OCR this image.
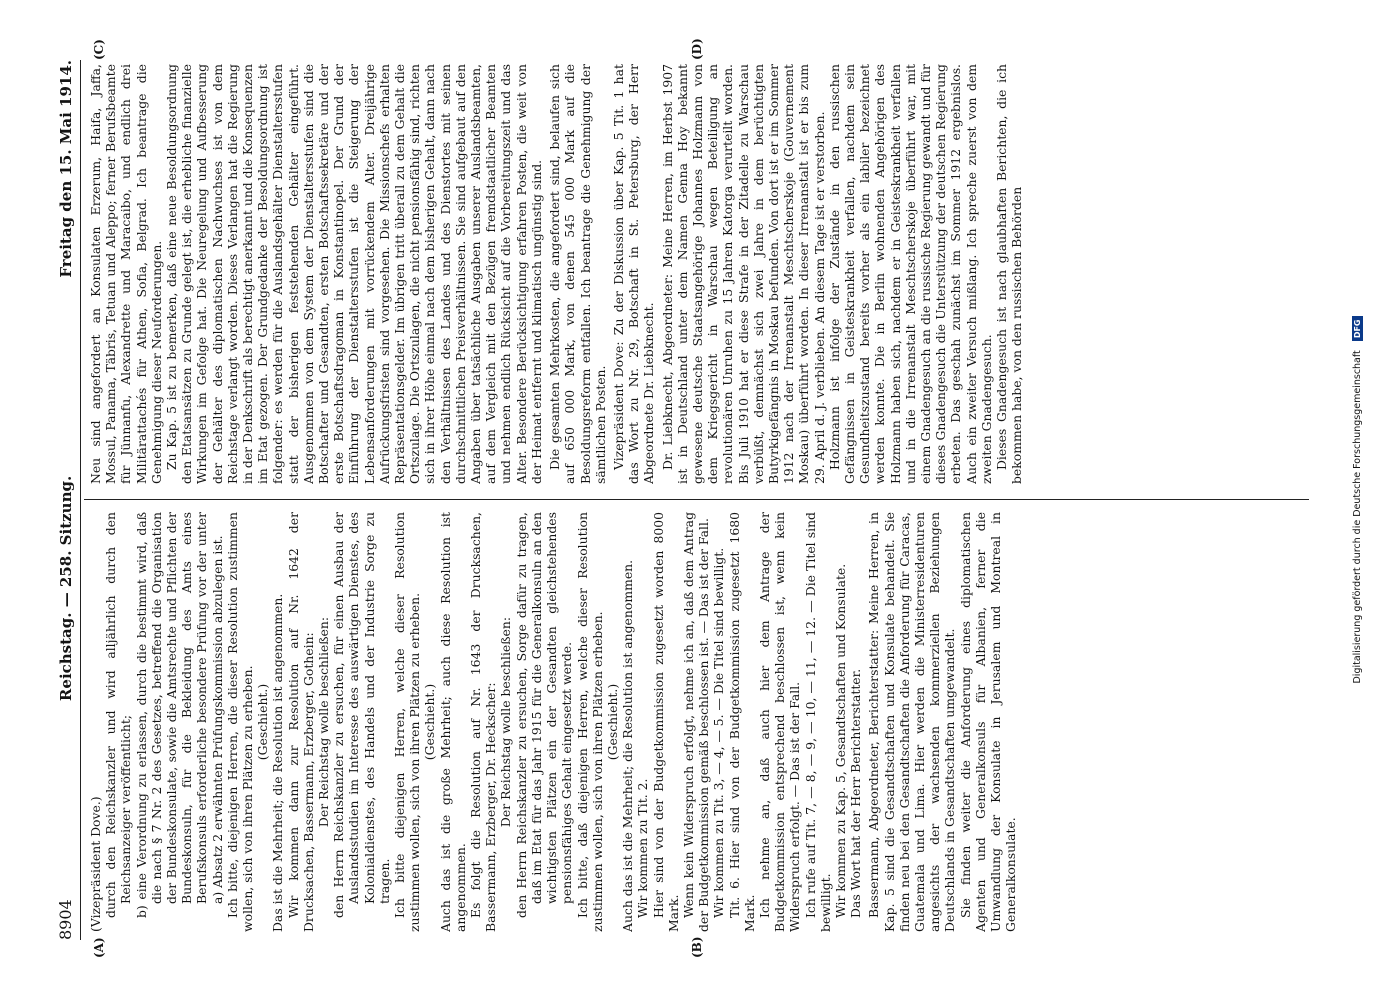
8904
Reichstag. — 258. Sitzung.
Freitag den 15. Mai 1914.
(A)	(B)
(C)	(D)

(Vizepräsident Dove.) durch den Reichskanzler und wird alljährlich durch den Reichsanzeiger veröffentlicht; b) eine Verordnung zu erlassen, durch die bestimmt wird, daß die nach § 7 Nr. 2 des Gesetzes, betreffend die Organisation der Bundeskonsulate, sowie die Amtsrechte und Pflichten der Bundeskonsuln, für die Bekleidung des Amts eines Berufskonsuls erforderliche besondere Prüfung vor der unter a) Absatz 2 erwähnten Prüfungskommission abzulegen ist. Ich bitte, diejenigen Herren, die dieser Resolution zustimmen wollen, sich von ihren Plätzen zu erheben. (Geschieht.) Das ist die Mehrheit; die Resolution ist angenommen. Wir kommen dann zur Resolution auf Nr. 1642 der Drucksachen, Bassermann, Erzberger, Gothein: Der Reichstag wolle beschließen: den Herrn Reichskanzler zu ersuchen, für einen Ausbau der Auslandsstudien im Interesse des auswärtigen Dienstes, des Kolonialdienstes, des Handels und der Industrie Sorge zu tragen. Ich bitte diejenigen Herren, welche dieser Resolution zustimmen wollen, sich von ihren Plätzen zu erheben. (Geschieht.) Auch das ist die große Mehrheit; auch diese Resolution ist angenommen. Es folgt die Resolution auf Nr. 1643 der Drucksachen, Bassermann, Erzberger, Dr. Heckscher: Der Reichstag wolle beschließen: den Herrn Reichskanzler zu ersuchen, Sorge dafür zu tragen, daß im Etat für das Jahr 1915 für die Generalkonsuln an den wichtigsten Plätzen ein der Gesandten gleichstehendes pensionsfähiges Gehalt eingesetzt werde. Ich bitte, daß diejenigen Herren, welche dieser Resolution zustimmen wollen, sich von ihren Plätzen erheben. (Geschieht.) Auch das ist die Mehrheit; die Resolution ist angenommen. Wir kommen zu Tit. 2. Hier sind von der Budgetkommission zugesetzt worden 8000 Mark. Wenn kein Widerspruch erfolgt, nehme ich an, daß dem Antrag der Budgetkommission gemäß beschlossen ist. — Das ist der Fall. Wir kommen zu Tit. 3, — 4, — 5. — Die Titel sind bewilligt. Tit. 6. Hier sind von der Budgetkommission zugesetzt 1680 Mark. Ich nehme an, daß auch hier dem Antrage der Budgetkommission entsprechend beschlossen ist, wenn kein Widerspruch erfolgt. — Das ist der Fall. Ich rufe auf Tit. 7, — 8, — 9, — 10, — 11, — 12. — Die Titel sind bewilligt. Wir kommen zu Kap. 5, Gesandtschaften und Konsulate. Das Wort hat der Herr Berichterstatter. Bassermann, Abgeordneter, Berichterstatter: Meine Herren, in Kap. 5 sind die Gesandtschaften und Konsulate behandelt. Sie finden neu bei den Gesandtschaften die Anforderung für Caracas, Guatemala und Lima. Hier werden die Ministerresidenturen angesichts der wachsenden kommerziellen Beziehungen Deutschlands in Gesandtschaften umgewandelt. Sie finden weiter die Anforderung eines diplomatischen Agenten und Generalkonsuls für Albanien, ferner die Umwandlung der Konsulate in Jerusalem und Montreal in Generalkonsulate.

Neu sind angefordert an Konsulaten Erzerum, Haifa, Jaffa, Mossul, Panama, Täbris, Tetuan und Aleppo; ferner Berufsbeamte für Jünnanfu, Alexandrette und Maracaibo, und endlich drei Militärattachés für Athen, Sofia, Belgrad. Ich beantrage die Genehmigung dieser Neuforderungen. Zu Kap. 5 ist zu bemerken, daß eine neue Besoldungsordnung den Etatsansätzen zu Grunde gelegt ist, die erhebliche finanzielle Wirkungen im Gefolge hat. Die Neuregelung und Aufbesserung der Gehälter des diplomatischen Nachwuchses ist von dem Reichstage verlangt worden. Dieses Verlangen hat die Regierung in der Denkschrift als berechtigt anerkannt und die Konsequenzen im Etat gezogen. Der Grundgedanke der Besoldungsordnung ist folgender: es werden für die Auslandsgehälter Dienstaltersstufen statt der bisherigen feststehenden Gehälter eingeführt. Ausgenommen von dem System der Dienstaltersstufen sind die Botschafter und Gesandten, ersten Botschaftssekretäre und der erste Botschaftsdragoman in Konstantinopel. Der Grund der Einführung der Dienstaltersstufen ist die Steigerung der Lebensanforderungen mit vorrückendem Alter. Dreijährige Aufrückungsfristen sind vorgesehen. Die Missionschefs erhalten Repräsentationsgelder. Im übrigen tritt überall zu dem Gehalt die Ortszulage. Die Ortszulagen, die nicht pensionsfähig sind, richten sich in ihrer Höhe einmal nach dem bisherigen Gehalt, dann nach den Verhältnissen des Landes und des Dienstortes mit seinen durchschnittlichen Preisverhältnissen. Sie sind aufgebaut auf den Angaben über tatsächliche Ausgaben unserer Auslandsbeamten, auf dem Vergleich mit den Bezügen fremdstaatlicher Beamten und nehmen endlich Rücksicht auf die Vorbereitungszeit und das Alter. Besondere Berücksichtigung erfahren Posten, die weit von der Heimat entfernt und klimatisch ungünstig sind. Die gesamten Mehrkosten, die angefordert sind, belaufen sich auf 650 000 Mark, von denen 545 000 Mark auf die Besoldungsreform entfallen. Ich beantrage die Genehmigung der sämtlichen Posten. Vizepräsident Dove: Zu der Diskussion über Kap. 5 Tit. 1 hat das Wort zu Nr. 29, Botschaft in St. Petersburg, der Herr Abgeordnete Dr. Liebknecht. Dr. Liebknecht, Abgeordneter: Meine Herren, im Herbst 1907 ist in Deutschland unter dem Namen Genna Hoy bekannt gewesene deutsche Staatsangehörige Johannes Holzmann von dem Kriegsgericht in Warschau wegen Beteiligung an revolutionären Unruhen zu 15 Jahren Katorga verurteilt worden. Bis Juli 1910 hat er diese Strafe in der Zitadelle zu Warschau verbüßt, demnächst sich zwei Jahre in dem berüchtigten Butyrkigefängnis in Moskau befunden. Von dort ist er im Sommer 1912 nach der Irrenanstalt Meschtscherskoje (Gouvernement Moskau) überführt worden. In dieser Irrenanstalt ist er bis zum 29. April d. J. verblieben. An diesem Tage ist er verstorben. Holzmann ist infolge der Zustände in den russischen Gefängnissen in Geisteskrankheit verfallen, nachdem sein Gesundheitszustand bereits vorher als ein labiler bezeichnet werden konnte. Die in Berlin wohnenden Angehörigen des Holzmann haben sich, nachdem er in Geisteskrankheit verfallen und in die Irrenanstalt Meschtscherskoje überführt war, mit einem Gnadengesuch an die russische Regierung gewandt und für dieses Gnadengesuch die Unterstützung der deutschen Regierung erbeten. Das geschah zunächst im Sommer 1912 ergebnislos. Auch ein zweiter Versuch mißlang. Ich spreche zuerst von dem zweiten Gnadengesuch. Dieses Gnadengesuch ist nach glaubhaften Berichten, die ich bekommen habe, von den russischen Behörden

Digitalisierung gefördert durch die Deutsche Forschungsgemeinschaft DFG
